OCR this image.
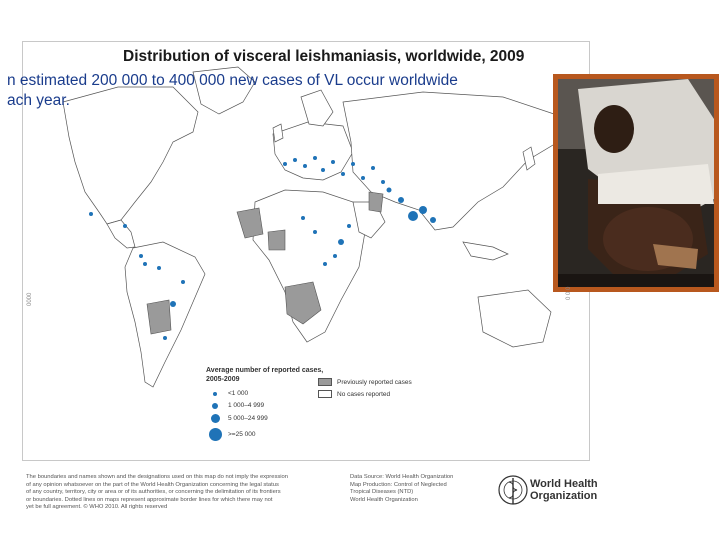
Distribution of visceral leishmaniasis, worldwide, 2009
Average number of reported cases,
2005-2009
<1 000
1 000–4 999
5 000–24 999
>=25 000
Previously reported cases
No cases reported
0000
n estimated 200 000 to 400 000 new cases of VL occur worldwide
ach year.
0 0 0
The boundaries and names shown and the designations used on this map do not imply the expression
of any opinion whatsoever on the part of the World Health Organization concerning the legal status
of any country, territory, city or area or of its authorities, or concerning the delimitation of its frontiers
or boundaries. Dotted lines on maps represent approximate border lines for which there may not
yet be full agreement. © WHO 2010. All rights reserved
Data Source: World Health Organization
Map Production: Control of Neglected
Tropical Diseases (NTD)
World Health Organization
World Health
Organization
